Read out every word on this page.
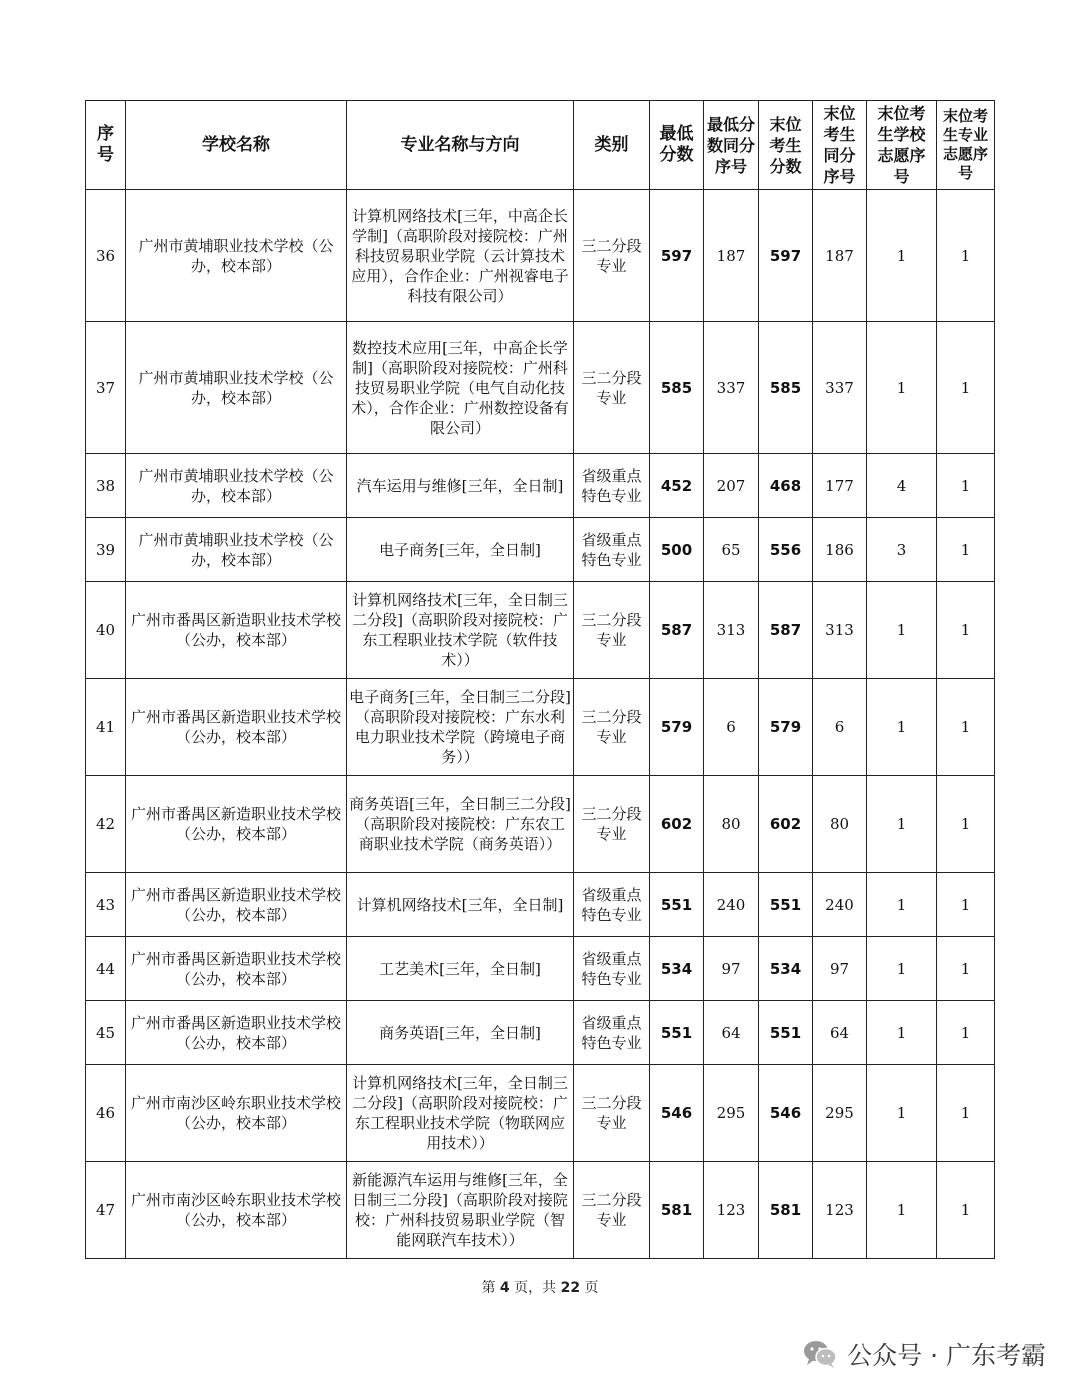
序号	学校名称	专业名称与方向	类别	最低分数	最低分数同分序号	末位考生分数	末位考生同分序号	末位考生学校志愿序号	末位考生专业志愿序号
36	广州市黄埔职业技术学校（公办，校本部）	计算机网络技术[三年，中高企长学制]（高职阶段对接院校：广州科技贸易职业学院（云计算技术应用），合作企业：广州视睿电子科技有限公司）	三二分段专业	597	187	597	187	1	1
37	广州市黄埔职业技术学校（公办，校本部）	数控技术应用[三年，中高企长学制]（高职阶段对接院校：广州科技贸易职业学院（电气自动化技术），合作企业：广州数控设备有限公司）	三二分段专业	585	337	585	337	1	1
38	广州市黄埔职业技术学校（公办，校本部）	汽车运用与维修[三年，全日制]	省级重点特色专业	452	207	468	177	4	1
39	广州市黄埔职业技术学校（公办，校本部）	电子商务[三年，全日制]	省级重点特色专业	500	65	556	186	3	1
40	广州市番禺区新造职业技术学校（公办，校本部）	计算机网络技术[三年，全日制三二分段]（高职阶段对接院校：广东工程职业技术学院（软件技术））	三二分段专业	587	313	587	313	1	1
41	广州市番禺区新造职业技术学校（公办，校本部）	电子商务[三年，全日制三二分段]（高职阶段对接院校：广东水利电力职业技术学院（跨境电子商务））	三二分段专业	579	6	579	6	1	1
42	广州市番禺区新造职业技术学校（公办，校本部）	商务英语[三年，全日制三二分段]（高职阶段对接院校：广东农工商职业技术学院（商务英语））	三二分段专业	602	80	602	80	1	1
43	广州市番禺区新造职业技术学校（公办，校本部）	计算机网络技术[三年，全日制]	省级重点特色专业	551	240	551	240	1	1
44	广州市番禺区新造职业技术学校（公办，校本部）	工艺美术[三年，全日制]	省级重点特色专业	534	97	534	97	1	1
45	广州市番禺区新造职业技术学校（公办，校本部）	商务英语[三年，全日制]	省级重点特色专业	551	64	551	64	1	1
46	广州市南沙区岭东职业技术学校（公办，校本部）	计算机网络技术[三年，全日制三二分段]（高职阶段对接院校：广东工程职业技术学院（物联网应用技术））	三二分段专业	546	295	546	295	1	1
47	广州市南沙区岭东职业技术学校（公办，校本部）	新能源汽车运用与维修[三年，全日制三二分段]（高职阶段对接院校：广州科技贸易职业学院（智能网联汽车技术））	三二分段专业	581	123	581	123	1	1
第 4 页，共 22 页
公众号 · 广东考霸
